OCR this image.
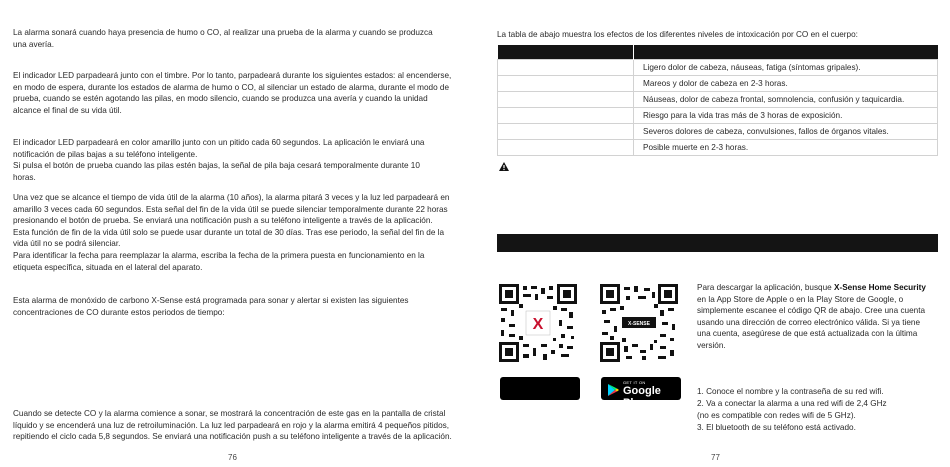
La alarma sonará cuando haya presencia de humo o CO, al realizar una prueba de la alarma y cuando se produzca una avería.

El indicador LED parpadeará junto con el timbre. Por lo tanto, parpadeará durante los siguientes estados: al encenderse, en modo de espera, durante los estados de alarma de humo o CO, al silenciar un estado de alarma, durante el modo de prueba, cuando se estén agotando las pilas, en modo silencio, cuando se produzca una avería y cuando la unidad alcance el final de su vida útil.

El indicador LED parpadeará en color amarillo junto con un pitido cada 60 segundos. La aplicación le enviará una notificación de pilas bajas a su teléfono inteligente.

Si pulsa el botón de prueba cuando las pilas estén bajas, la señal de pila baja cesará temporalmente durante 10 horas.

Una vez que se alcance el tiempo de vida útil de la alarma (10 años), la alarma pitará 3 veces y la luz led parpadeará en amarillo 3 veces cada 60 segundos. Esta señal del fin de la vida útil se puede silenciar temporalmente durante 22 horas presionando el botón de prueba. Se enviará una notificación push a su teléfono inteligente a través de la aplicación.

Esta función de fin de la vida útil solo se puede usar durante un total de 30 días. Tras ese periodo, la señal del fin de la vida útil no se podrá silenciar.

Para identificar la fecha para reemplazar la alarma, escriba la fecha de la primera puesta en funcionamiento en la etiqueta específica, situada en el lateral del aparato.

Esta alarma de monóxido de carbono X-Sense está programada para sonar y alertar si existen las siguientes concentraciones de CO durante estos periodos de tiempo:

Cuando se detecte CO y la alarma comience a sonar, se mostrará la concentración de este gas en la pantalla de cristal líquido y se encenderá una luz de retroiluminación. La luz led parpadeará en rojo y la alarma emitirá 4 pequeños pitidos, repitiendo el ciclo cada 5,8 segundos. Se enviará una notificación push a su teléfono inteligente a través de la aplicación.

76
La tabla de abajo muestra los efectos de los diferentes niveles de intoxicación por CO en el cuerpo:

	Ligero dolor de cabeza, náuseas, fatiga (síntomas gripales).
	Mareos y dolor de cabeza en 2-3 horas.
	Náuseas, dolor de cabeza frontal, somnolencia, confusión y taquicardia.
	Riesgo para la vida tras más de 3 horas de exposición.
	Severos dolores de cabeza, convulsiones, fallos de órganos vitales.
	Posible muerte en 2-3 horas.
X	X-SENSE
GET IT ON
Google Play
Para descargar la aplicación, busque X-Sense Home Security en la App Store de Apple o en la Play Store de Google, o simplemente escanee el código QR de abajo. Cree una cuenta usando una dirección de correo electrónico válida. Si ya tiene una cuenta, asegúrese de que está actualizada con la última versión.
1. Conoce el nombre y la contraseña de su red wifi.
2. Va a conectar la alarma a una red wifi de 2,4 GHz
(no es compatible con redes wifi de 5 GHz).
3. El bluetooth de su teléfono está activado.
77
